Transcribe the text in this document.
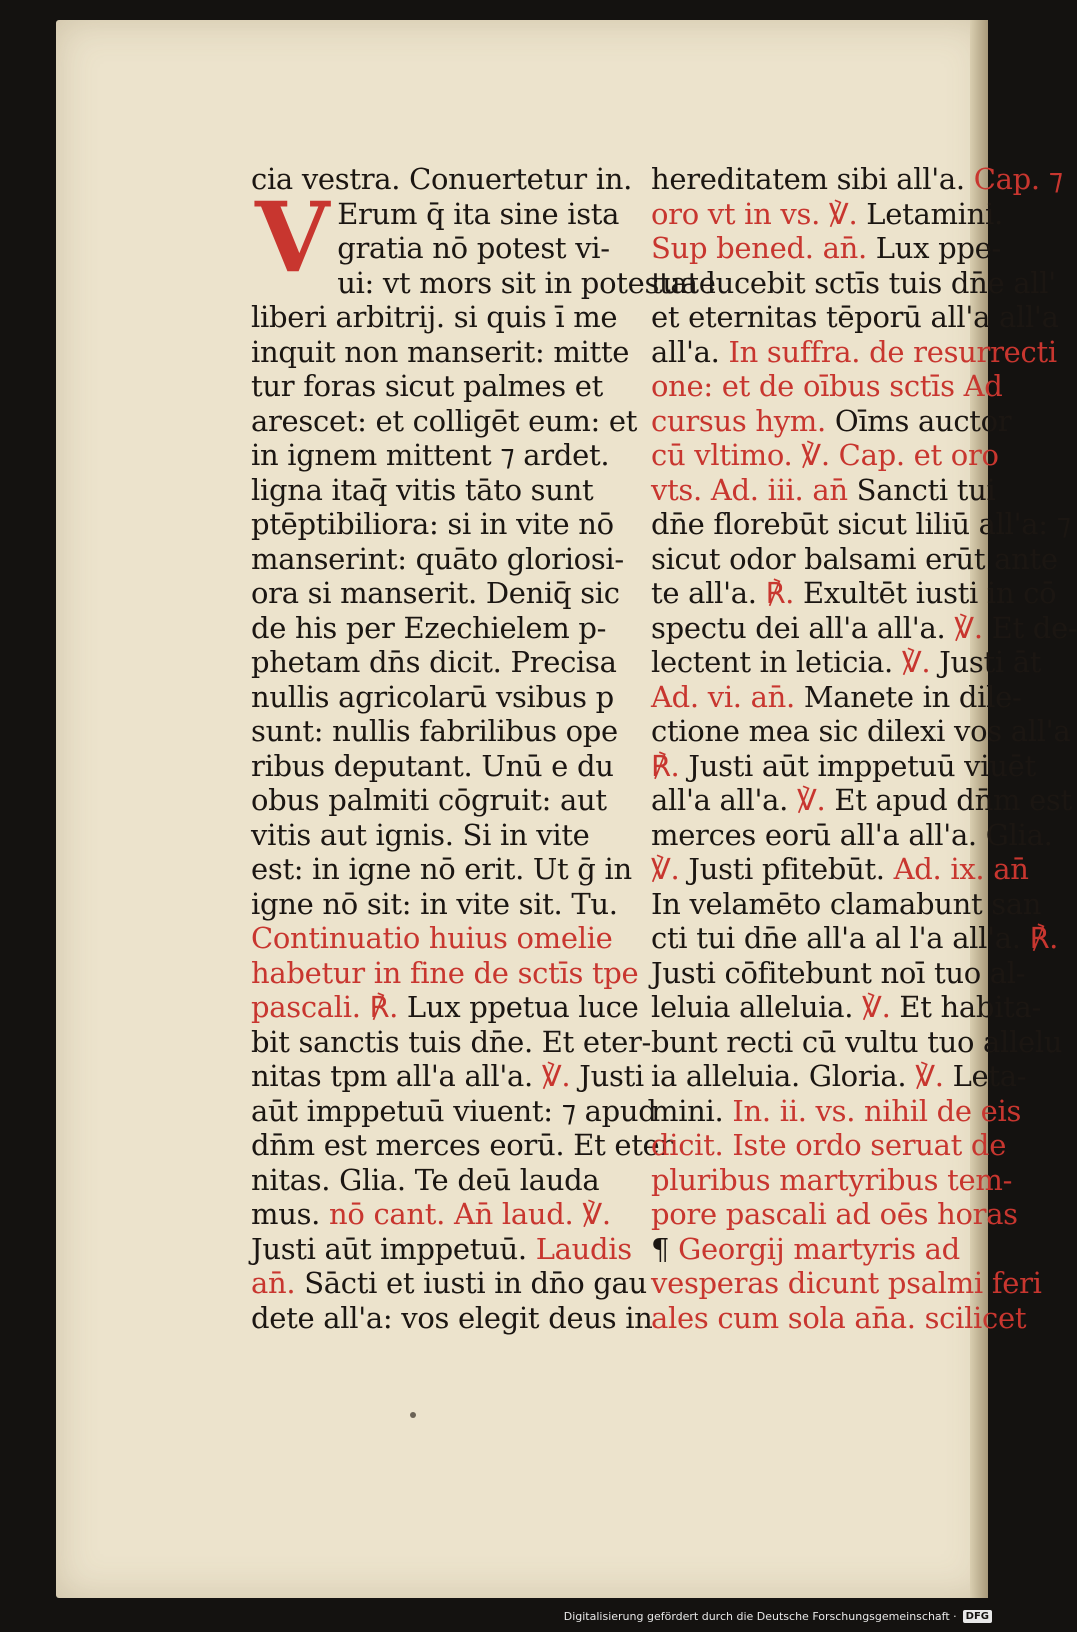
cia vestra. Conuertetur in.

V Erum q̄ ita sine ista

gratia nō potest vi-

ui: vt mors sit in potestate

liberi arbitrij. si quis ī me

inquit non manserit: mitte

tur foras sicut palmes et

arescet: et colligēt eum: et

in ignem mittent ⁊ ardet.

ligna itaq̄ vitis tāto sunt

ptēptibiliora: si in vite nō

manserint: quāto gloriosi-

ora si manserit. Deniq̄ sic

de his per Ezechielem p-

phetam dn̄s dicit. Precisa

nullis agricolarū vsibus p

sunt: nullis fabrilibus ope

ribus deputant. Unū e du

obus palmiti cōgruit: aut

vitis aut ignis. Si in vite

est: in igne nō erit. Ut ḡ in

igne nō sit: in vite sit. Tu.

Continuatio huius omelie

habetur in fine de sctīs tpe

pascali. ℟. Lux ppetua luce

bit sanctis tuis dn̄e. Et eter-

nitas tpm all'a all'a. ℣. Justi

aūt imppetuū viuent: ⁊ apud

dn̄m est merces eorū. Et eter

nitas. Glia. Te deū lauda

mus. nō cant. An̄ laud. ℣.

Justi aūt imppetuū. Laudis

an̄. Sācti et iusti in dn̄o gau

dete all'a: vos elegit deus in

hereditatem sibi all'a. Cap. ⁊

oro vt in vs. ℣. Letamini.

Sup bened. an̄. Lux ppe-

tua lucebit sctīs tuis dn̄e all'

et eternitas tēporū all'a all'a

all'a. In suffra. de resurrecti

one: et de oībus sctīs Ad

cursus hym. Oīms auctor

cū vltimo. ℣. Cap. et oro

vts. Ad. iii. an̄ Sancti tui

dn̄e florebūt sicut liliū all'a: ⁊

sicut odor balsami erūt ante

te all'a. ℟. Exultēt iusti in cō

spectu dei all'a all'a. ℣. Et de-

lectent in leticia. ℣. Justi āt

Ad. vi. an̄. Manete in dile-

ctione mea sic dilexi vos all'a

℟. Justi aūt imppetuū viuēt

all'a all'a. ℣. Et apud dn̄m est

merces eorū all'a all'a. Glia.

℣. Justi pfitebūt. Ad. ix. an̄

In velamēto clamabunt san

cti tui dn̄e all'a al l'a all'a. ℟.

Justi cōfitebunt noī tuo al-

leluia alleluia. ℣. Et habita-

bunt recti cū vultu tuo allelu

ia alleluia. Gloria. ℣. Leta-

mini. In. ii. vs. nihil de eis

dicit. Iste ordo seruat de

pluribus martyribus tem-

pore pascali ad oēs horas

¶ Georgij martyris ad

vesperas dicunt psalmi feri

ales cum sola an̄a. scilicet

Digitalisierung gefördert durch die Deutsche Forschungsgemeinschaft · DFG
